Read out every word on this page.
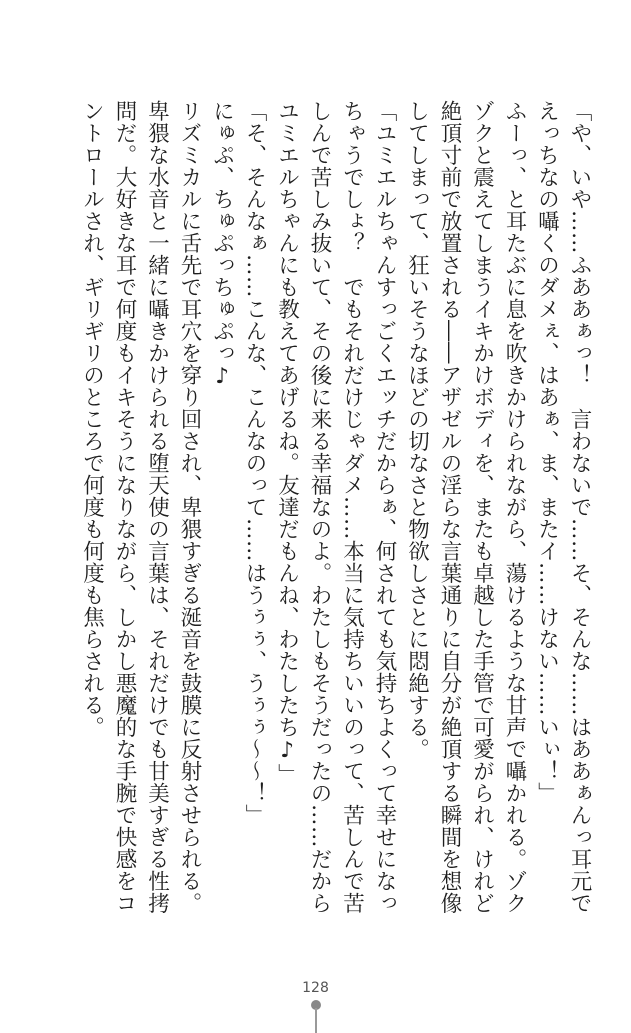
「や、いや……ふああぁっ！　言わないで……そ、そんな……はああぁんっ耳元でえっちなの囁くのダメぇ、はあぁ、ま、またイ……けない……いぃ！」

ふーっ、と耳たぶに息を吹きかけられながら、蕩けるような甘声で囁かれる。ゾクゾクと震えてしまうイキかけボディを、またも卓越した手管で可愛がられ、けれど絶頂寸前で放置される――アザゼルの淫らな言葉通りに自分が絶頂する瞬間を想像してしまって、狂いそうなほどの切なさと物欲しさとに悶絶する。

「ユミエルちゃんすっごくエッチだからぁ、何されても気持ちよくって幸せになっちゃうでしょ？　でもそれだけじゃダメ……本当に気持ちいいのって、苦しんで苦しんで苦しみ抜いて、その後に来る幸福なのよ。わたしもそうだったの……だからユミエルちゃんにも教えてあげるね。友達だもんね、わたしたち♪」

「そ、そんなぁ……こんな、こんなのって……はうぅぅ、うぅぅ～～！」

にゅぷ、ちゅぷっちゅぷっ♪

リズミカルに舌先で耳穴を穿り回され、卑猥すぎる涎音を鼓膜に反射させられる。卑猥な水音と一緒に囁きかけられる堕天使の言葉は、それだけでも甘美すぎる性拷問だ。大好きな耳で何度もイキそうになりながら、しかし悪魔的な手腕で快感をコントロールされ、ギリギリのところで何度も何度も焦らされる。

128
